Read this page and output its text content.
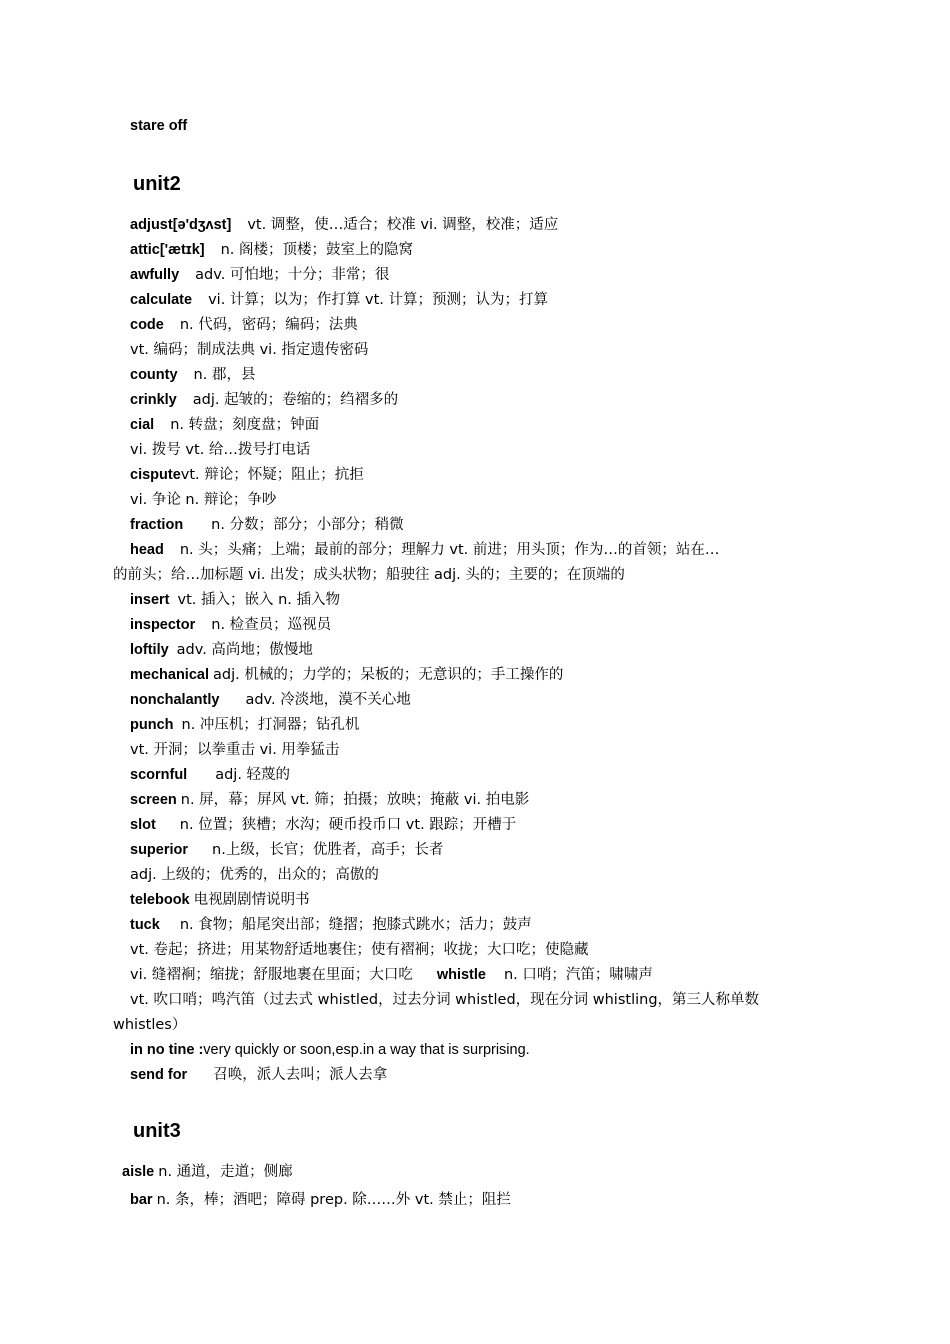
stare off
unit2
adjust[ə'dʒʌst] vt. 调整，使…适合；校准 vi. 调整，校准；适应
attic['ætɪk] n. 阁楼；顶楼；鼓室上的隐窝
awfully adv. 可怕地；十分；非常；很
calculate vi. 计算；以为；作打算 vt. 计算；预测；认为；打算
code n. 代码，密码；编码；法典
vt. 编码；制成法典 vi. 指定遗传密码
county n. 郡，县
crinkly adj. 起皱的；卷缩的；绉褶多的
cial n. 转盘；刻度盘；钟面
vi. 拨号 vt. 给…拨号打电话
cisputevt. 辩论；怀疑；阻止；抗拒
vi. 争论 n. 辩论；争吵
fraction n. 分数；部分；小部分；稍微
head n. 头；头痛；上端；最前的部分；理解力 vt. 前进；用头顶；作为…的首领；站在…
的前头；给…加标题 vi. 出发；成头状物；船驶往 adj. 头的；主要的；在顶端的
insert vt. 插入；嵌入 n. 插入物
inspector n. 检查员；巡视员
loftily adv. 高尚地；傲慢地
mechanical adj. 机械的；力学的；呆板的；无意识的；手工操作的
nonchalantly adv. 冷淡地，漠不关心地
punch n. 冲压机；打洞器；钻孔机
vt. 开洞；以拳重击 vi. 用拳猛击
scornful adj. 轻蔑的
screen n. 屏，幕；屏风 vt. 筛；拍摄；放映；掩蔽 vi. 拍电影
slot n. 位置；狭槽；水沟；硬币投币口 vt. 跟踪；开槽于
superior n.上级，长官；优胜者，高手；长者
adj. 上级的；优秀的，出众的；高傲的
telebook 电视剧剧情说明书
tuck n. 食物；船尾突出部；缝摺；抱膝式跳水；活力；鼓声
vt. 卷起；挤进；用某物舒适地裹住；使有褶裥；收拢；大口吃；使隐藏
vi. 缝褶裥；缩拢；舒服地裹在里面；大口吃 whistle n. 口哨；汽笛；啸啸声
vt. 吹口哨；鸣汽笛（过去式 whistled，过去分词 whistled，现在分词 whistling，第三人称单数
whistles）
in no tine :very quickly or soon,esp.in a way that is surprising.
send for 召唤，派人去叫；派人去拿
unit3
aisle n. 通道，走道；侧廊
bar n. 条，棒；酒吧；障碍 prep. 除……外 vt. 禁止；阻拦
